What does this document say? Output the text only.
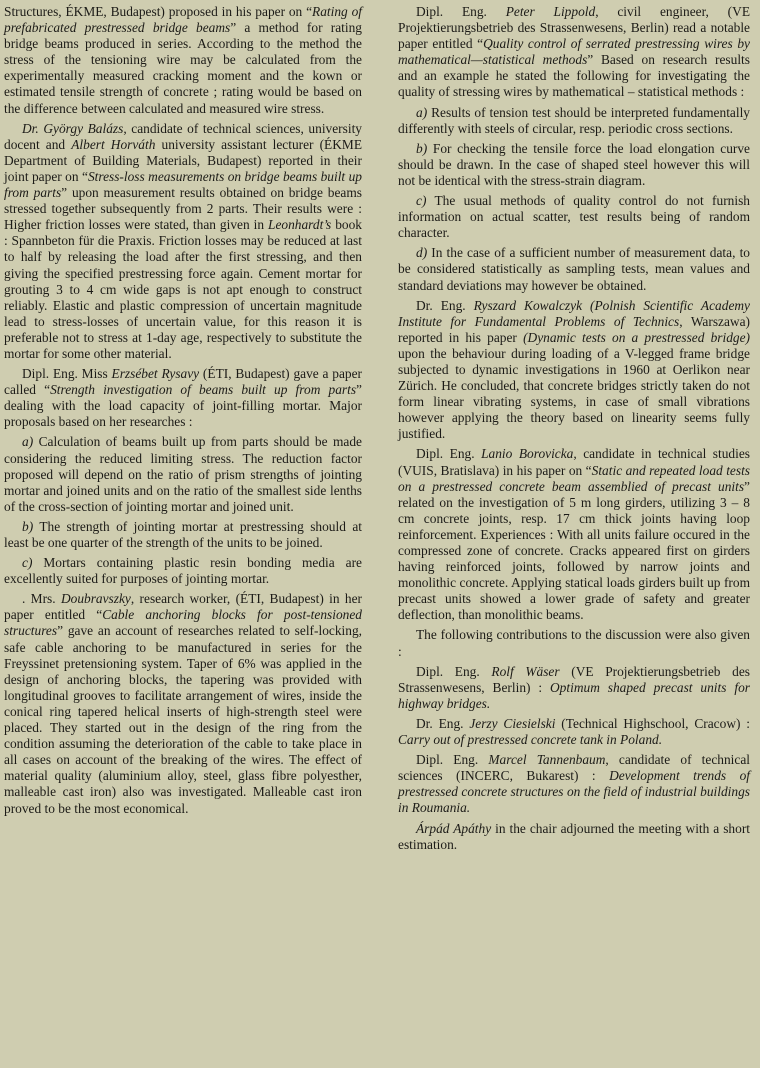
Structures, ÉKME, Budapest) proposed in his paper on “Rating of prefabricated prestressed bridge beams” a method for rating bridge beams produced in series. According to the method the stress of the tensioning wire may be calculated from the experimentally measured cracking moment and the kown or estimated tensile strength of concrete ; rating would be based on the difference between calculated and measured wire stress.

Dr. György Balázs, candidate of technical sciences, university docent and Albert Horváth university assistant lecturer (ÉKME Department of Building Materials, Budapest) reported in their joint paper on “Stress-loss measurements on bridge beams built up from parts” upon measurement results obtained on bridge beams stressed together subsequently from 2 parts. Their results were : Higher friction losses were stated, than given in Leonhardt’s book : Spannbeton für die Praxis. Friction losses may be reduced at last to half by releasing the load after the first stressing, and then giving the specified prestressing force again. Cement mortar for grouting 3 to 4 cm wide gaps is not apt enough to construct reliably. Elastic and plastic compression of uncertain magnitude lead to stress-losses of uncertain value, for this reason it is preferable not to stress at 1-day age, respectively to substitute the mortar for some other material.

Dipl. Eng. Miss Erzsébet Rysavy (ÉTI, Budapest) gave a paper called “Strength investigation of beams built up from parts” dealing with the load capacity of joint-filling mortar. Major proposals based on her researches :

a) Calculation of beams built up from parts should be made considering the reduced limiting stress. The reduction factor proposed will depend on the ratio of prism strengths of jointing mortar and joined units and on the ratio of the smallest side lenths of the cross-section of jointing mortar and joined unit.

b) The strength of jointing mortar at prestressing should at least be one quarter of the strength of the units to be joined.

c) Mortars containing plastic resin bonding media are excellently suited for purposes of jointing mortar.

. Mrs. Doubravszky, research worker, (ÉTI, Budapest) in her paper entitled “Cable anchoring blocks for post-tensioned structures” gave an account of researches related to self-locking, safe cable anchoring to be manufactured in series for the Freyssinet pretensioning system. Taper of 6% was applied in the design of anchoring blocks, the tapering was provided with longitudinal grooves to facilitate arrangement of wires, inside the conical ring tapered helical inserts of high-strength steel were placed. They started out in the design of the ring from the condition assuming the deterioration of the cable to take place in all cases on account of the breaking of the wires. The effect of material quality (aluminium alloy, steel, glass fibre polyesther, malleable cast iron) also was investigated. Malleable cast iron proved to be the most economical.

Dipl. Eng. Peter Lippold, civil engineer, (VE Projektierungsbetrieb des Strassenwesens, Berlin) read a notable paper entitled “Quality control of serrated prestressing wires by mathematical—statistical methods” Based on research results and an example he stated the following for investigating the quality of stressing wires by mathematical – statistical methods :

a) Results of tension test should be interpreted fundamentally differently with steels of circular, resp. periodic cross sections.

b) For checking the tensile force the load elongation curve should be drawn. In the case of shaped steel however this will not be identical with the stress-strain diagram.

c) The usual methods of quality control do not furnish information on actual scatter, test results being of random character.

d) In the case of a sufficient number of measurement data, to be considered statistically as sampling tests, mean values and standard deviations may however be obtained.

Dr. Eng. Ryszard Kowalczyk (Polnish Scientific Academy Institute for Fundamental Problems of Technics, Warszawa) reported in his paper (Dynamic tests on a prestressed bridge) upon the behaviour during loading of a V-legged frame bridge subjected to dynamic investigations in 1960 at Oerlikon near Zürich. He concluded, that concrete bridges strictly taken do not form linear vibrating systems, in case of small vibrations however applying the theory based on linearity seems fully justified.

Dipl. Eng. Lanio Borovicka, candidate in technical studies (VUIS, Bratislava) in his paper on “Static and repeated load tests on a prestressed concrete beam assemblied of precast units” related on the investigation of 5 m long girders, utilizing 3 – 8 cm concrete joints, resp. 17 cm thick joints having loop reinforcement. Experiences : With all units failure occured in the compressed zone of concrete. Cracks appeared first on girders having reinforced joints, followed by narrow joints and monolithic concrete. Applying statical loads girders built up from precast units showed a lower grade of safety and greater deflection, than monolithic beams.

The following contributions to the discussion were also given :

Dipl. Eng. Rolf Wäser (VE Projektierungsbetrieb des Strassenwesens, Berlin) : Optimum shaped precast units for highway bridges.

Dr. Eng. Jerzy Ciesielski (Technical Highschool, Cracow) : Carry out of prestressed concrete tank in Poland.

Dipl. Eng. Marcel Tannenbaum, candidate of technical sciences (INCERC, Bukarest) : Development trends of prestressed concrete structures on the field of industrial buildings in Roumania.

Árpád Apáthy in the chair adjourned the meeting with a short estimation.
